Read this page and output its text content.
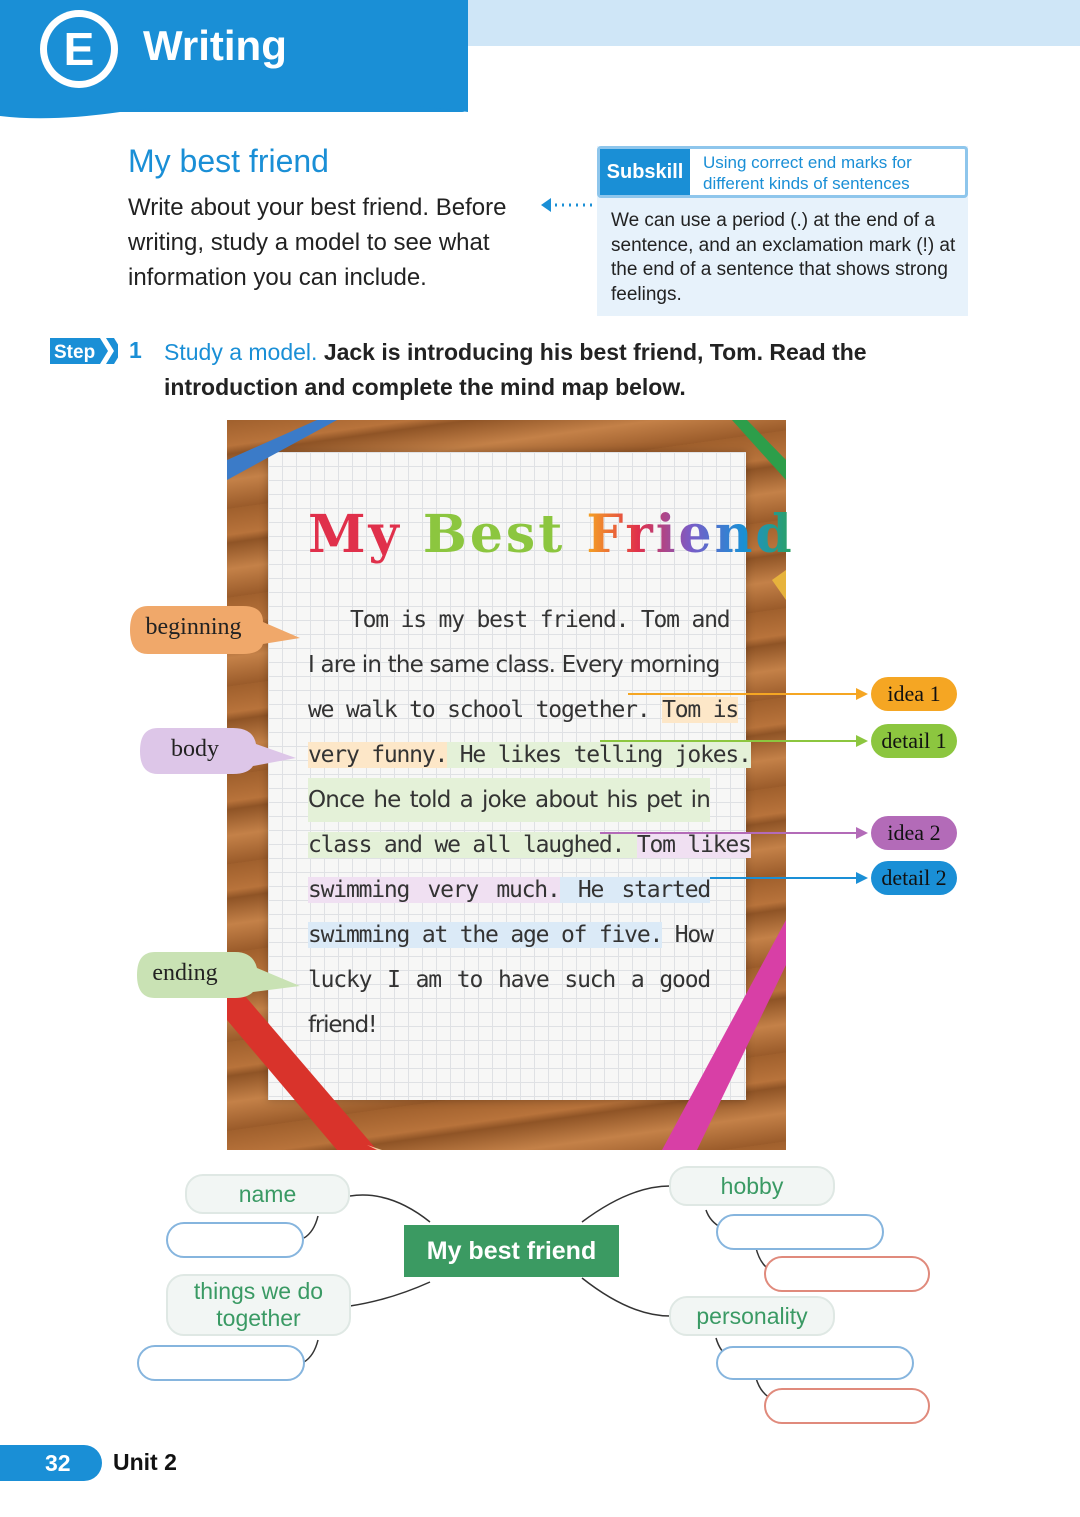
E	Writing
My best friend
Write about your best friend. Before writing, study a model to see what information you can include.
Subskill	Using correct end marks for different kinds of sentences
We can use a period (.) at the end of a sentence, and an exclamation mark (!) at the end of a sentence that shows strong feelings.
Step 1 Study a model. Jack is introducing his best friend, Tom. Read the introduction and complete the mind map below.
My Best Friend
Tom is my best friend. Tom and
I are in the same class. Every morning
we walk to school together. Tom is
very funny. He likes telling jokes.
Once he told a joke about his pet in
class and we all laughed. Tom likes
swimming very much. He started
swimming at the age of five. How
lucky I am to have such a good
friend!
beginning
body
ending
idea 1
detail 1
idea 2
detail 2
My best friend
name
things we do together
hobby
personality
32	Unit 2
